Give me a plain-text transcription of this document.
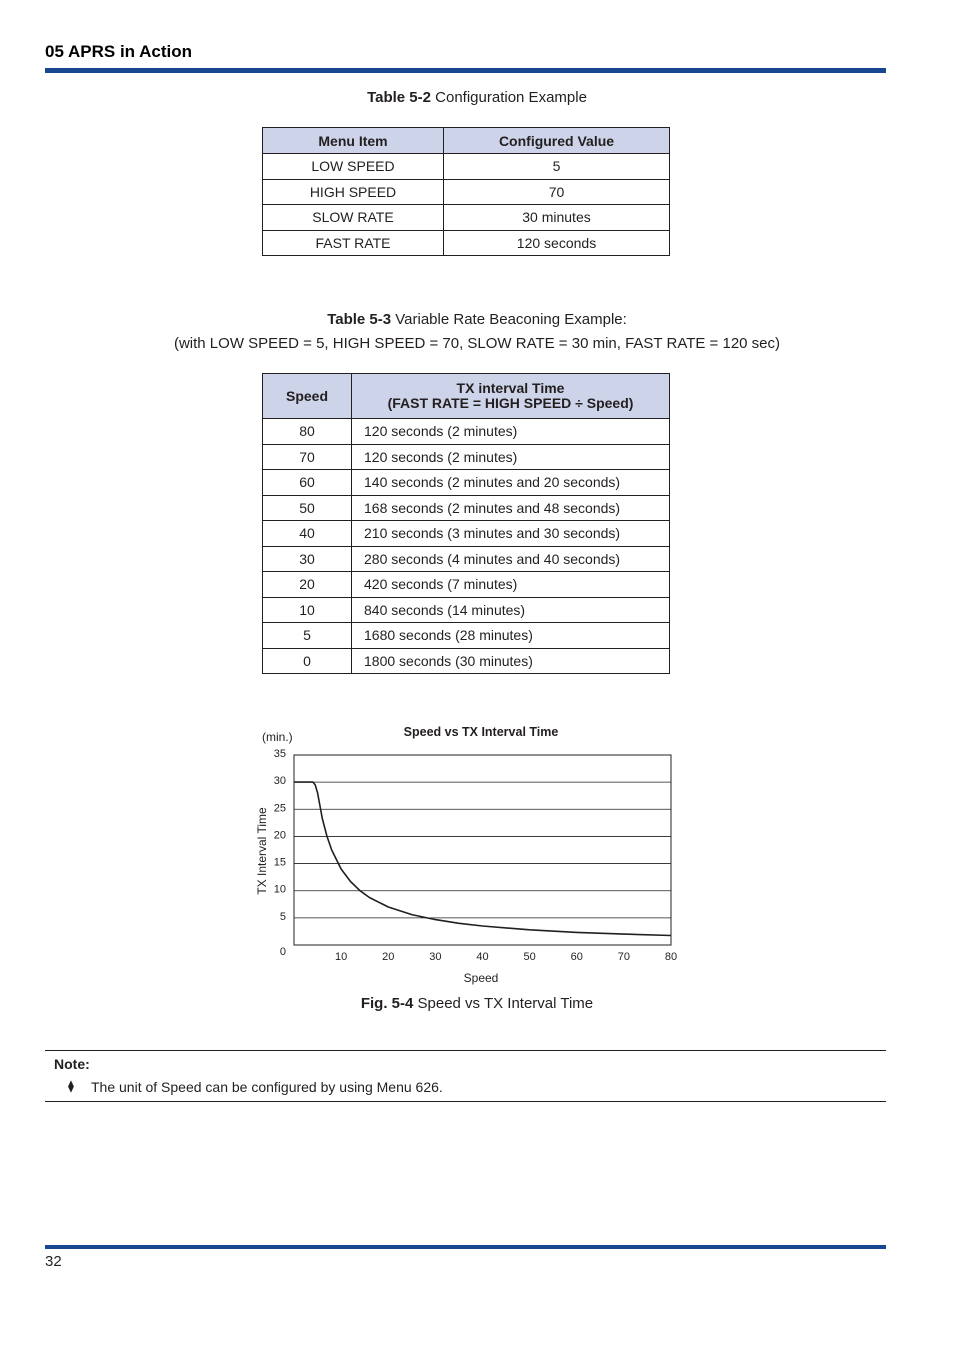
05 APRS in Action
Table 5-2 Configuration Example
Menu Item	Configured Value
LOW SPEED	5
HIGH SPEED	70
SLOW RATE	30 minutes
FAST RATE	120 seconds
Table 5-3 Variable Rate Beaconing Example:
(with LOW SPEED = 5, HIGH SPEED = 70, SLOW RATE = 30 min, FAST RATE = 120 sec)
Speed	TX interval Time
(FAST RATE = HIGH SPEED ÷ Speed)
80	120 seconds (2 minutes)
70	120 seconds (2 minutes)
60	140 seconds (2 minutes and 20 seconds)
50	168 seconds (2 minutes and 48 seconds)
40	210 seconds (3 minutes and 30 seconds)
30	280 seconds (4 minutes and 40 seconds)
20	420 seconds (7 minutes)
10	840 seconds (14 minutes)
5	1680 seconds (28 minutes)
0	1800 seconds (30 minutes)
Speed vs TX Interval Time
(min.)
TX Interval Time
Speed
0
5
10
15
20
25
30
35
10	20	30	40	50	60	70	80
Fig. 5-4 Speed vs TX Interval Time
Note:
⧫ The unit of Speed can be configured by using Menu 626.
32
